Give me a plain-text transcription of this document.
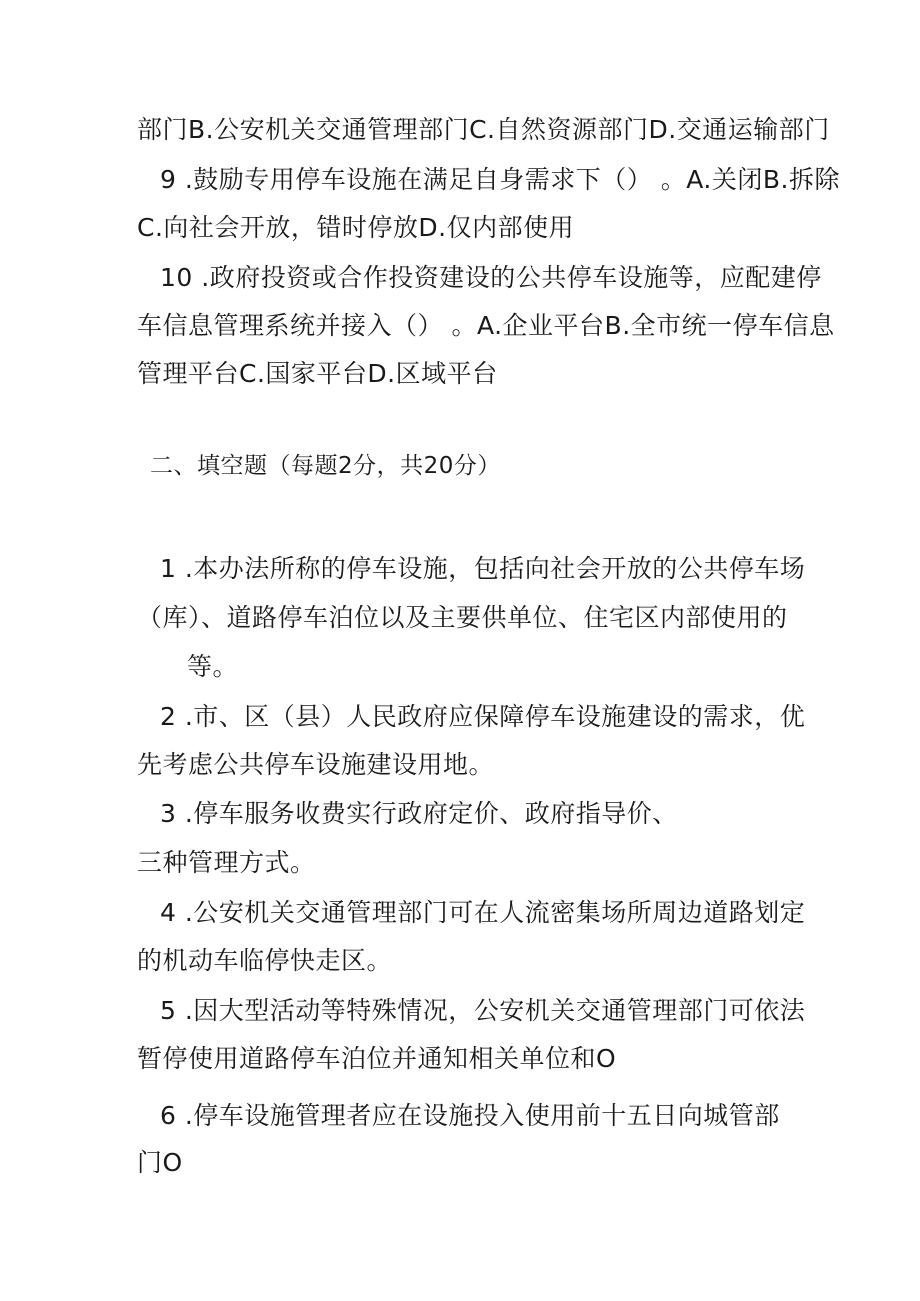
部门B.公安机关交通管理部门C.自然资源部门D.交通运输部门
9 .鼓励专用停车设施在满足自身需求下（） 。A.关闭B.拆除
C.向社会开放，错时停放D.仅内部使用
10 .政府投资或合作投资建设的公共停车设施等，应配建停
车信息管理系统并接入（） 。A.企业平台B.全市统一停车信息
管理平台C.国家平台D.区域平台
二、填空题（每题2分，共20分）
1 .本办法所称的停车设施，包括向社会开放的公共停车场
（库）、道路停车泊位以及主要供单位、住宅区内部使用的
等。
2 .市、区（县）人民政府应保障停车设施建设的需求，优
先考虑公共停车设施建设用地。
3 .停车服务收费实行政府定价、政府指导价、
三种管理方式。
4 .公安机关交通管理部门可在人流密集场所周边道路划定
的机动车临停快走区。
5 .因大型活动等特殊情况，公安机关交通管理部门可依法
暂停使用道路停车泊位并通知相关单位和O
6 .停车设施管理者应在设施投入使用前十五日向城管部
门O
